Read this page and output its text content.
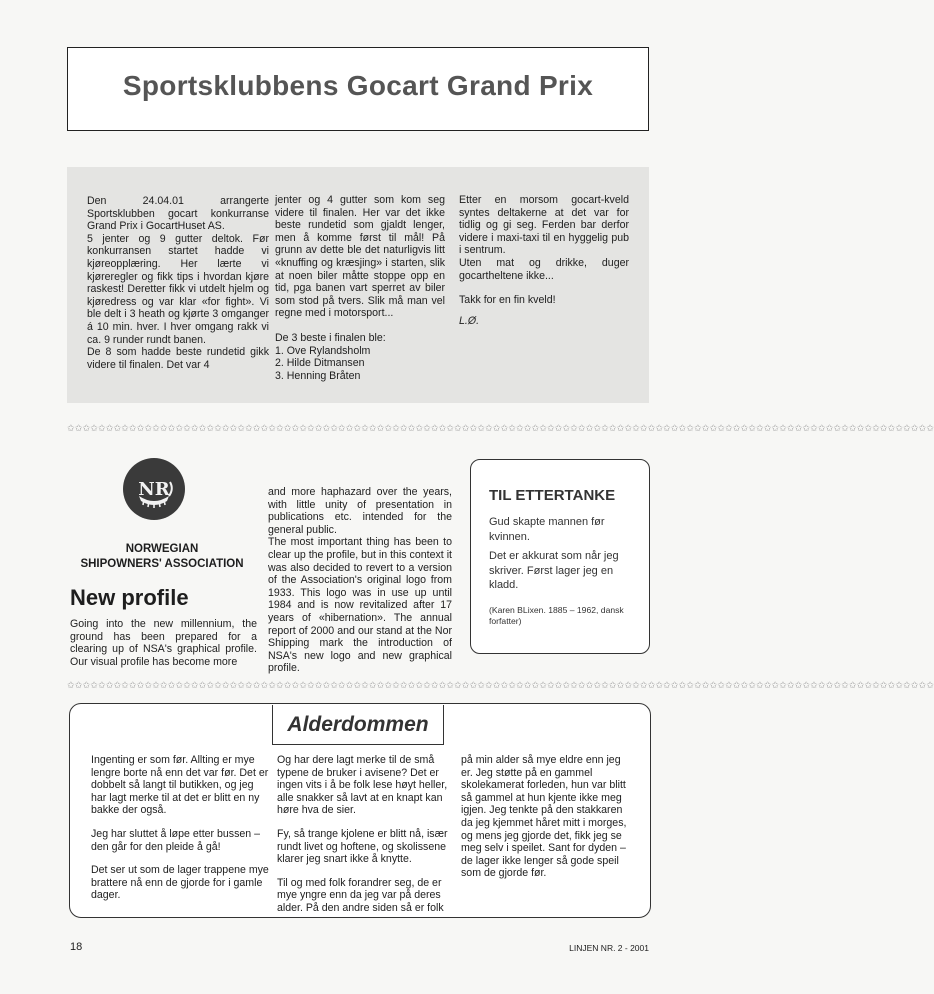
Sportsklubbens Gocart Grand Prix
Den 24.04.01 arrangerte Sportsklubben gocart konkurranse Grand Prix i GocartHuset AS.
5 jenter og 9 gutter deltok. Før konkurransen startet hadde vi kjøreopplæring. Her lærte vi kjøreregler og fikk tips i hvordan kjøre raskest! Deretter fikk vi utdelt hjelm og kjøredress og var klar «for fight». Vi ble delt i 3 heath og kjørte 3 omganger á 10 min. hver. I hver omgang rakk vi ca. 9 runder rundt banen.
De 8 som hadde beste rundetid gikk videre til finalen. Det var 4

jenter og 4 gutter som kom seg videre til finalen. Her var det ikke beste rundetid som gjaldt lenger, men å komme først til mål! På grunn av dette ble det naturligvis litt «knuffing og kræsjing» i starten, slik at noen biler måtte stoppe opp en tid, pga banen vart sperret av biler som stod på tvers. Slik må man vel regne med i motorsport...

De 3 beste i finalen ble:

1. Ove Rylandsholm

2. Hilde Ditmansen

3. Henning Bråten

Etter en morsom gocart-kveld syntes deltakerne at det var for tidlig og gi seg. Ferden bar derfor videre i maxi-taxi til en hyggelig pub i sentrum.
Uten mat og drikke, duger gocartheltene ikke...

Takk for en fin kveld!

L.Ø.

✩✩✩✩✩✩✩✩✩✩✩✩✩✩✩✩✩✩✩✩✩✩✩✩✩✩✩✩✩✩✩✩✩✩✩✩✩✩✩✩✩✩✩✩✩✩✩✩✩✩✩✩✩✩✩✩✩✩✩✩✩✩✩✩✩✩✩✩✩✩✩✩✩✩✩✩✩✩✩✩✩✩✩✩✩✩✩✩✩✩✩✩✩✩✩✩✩✩✩✩✩✩✩✩✩✩✩✩✩✩✩✩
NR
NORWEGIAN
SHIPOWNERS' ASSOCIATION
New profile
Going into the new millennium, the ground has been prepared for a clearing up of NSA's graphical profile. Our visual profile has become more
and more haphazard over the years, with little unity of presentation in publications etc. intended for the general public.
The most important thing has been to clear up the profile, but in this context it was also decided to revert to a version of the Association's original logo from 1933. This logo was in use up until 1984 and is now revitalized after 17 years of «hibernation». The annual report of 2000 and our stand at the Nor Shipping mark the introduction of NSA's new logo and new graphical profile.
TIL ETTERTANKE
Gud skapte mannen før kvinnen.
Det er akkurat som når jeg skriver. Først lager jeg en kladd.
(Karen BLixen. 1885 – 1962, dansk forfatter)
✩✩✩✩✩✩✩✩✩✩✩✩✩✩✩✩✩✩✩✩✩✩✩✩✩✩✩✩✩✩✩✩✩✩✩✩✩✩✩✩✩✩✩✩✩✩✩✩✩✩✩✩✩✩✩✩✩✩✩✩✩✩✩✩✩✩✩✩✩✩✩✩✩✩✩✩✩✩✩✩✩✩✩✩✩✩✩✩✩✩✩✩✩✩✩✩✩✩✩✩✩✩✩✩✩✩✩✩✩✩✩✩
Alderdommen

Ingenting er som før. Allting er mye lengre borte nå enn det var før. Det er dobbelt så langt til butikken, og jeg har lagt merke til at det er blitt en ny bakke der også.

Jeg har sluttet å løpe etter bussen – den går for den pleide å gå!

Det ser ut som de lager trappene mye brattere nå enn de gjorde for i gamle dager.

Og har dere lagt merke til de små typene de bruker i avisene? Det er ingen vits i å be folk lese høyt heller, alle snakker så lavt at en knapt kan høre hva de sier.

Fy, så trange kjolene er blitt nå, især rundt livet og hoftene, og skolissene klarer jeg snart ikke å knytte.

Til og med folk forandrer seg, de er mye yngre enn da jeg var på deres alder. På den andre siden så er folk

på min alder så mye eldre enn jeg er. Jeg støtte på en gammel skolekamerat forleden, hun var blitt så gammel at hun kjente ikke meg igjen. Jeg tenkte på den stakkaren da jeg kjemmet håret mitt i morges, og mens jeg gjorde det, fikk jeg se meg selv i speilet. Sant for dyden – de lager ikke lenger så gode speil som de gjorde før.
18	LINJEN NR. 2 - 2001
